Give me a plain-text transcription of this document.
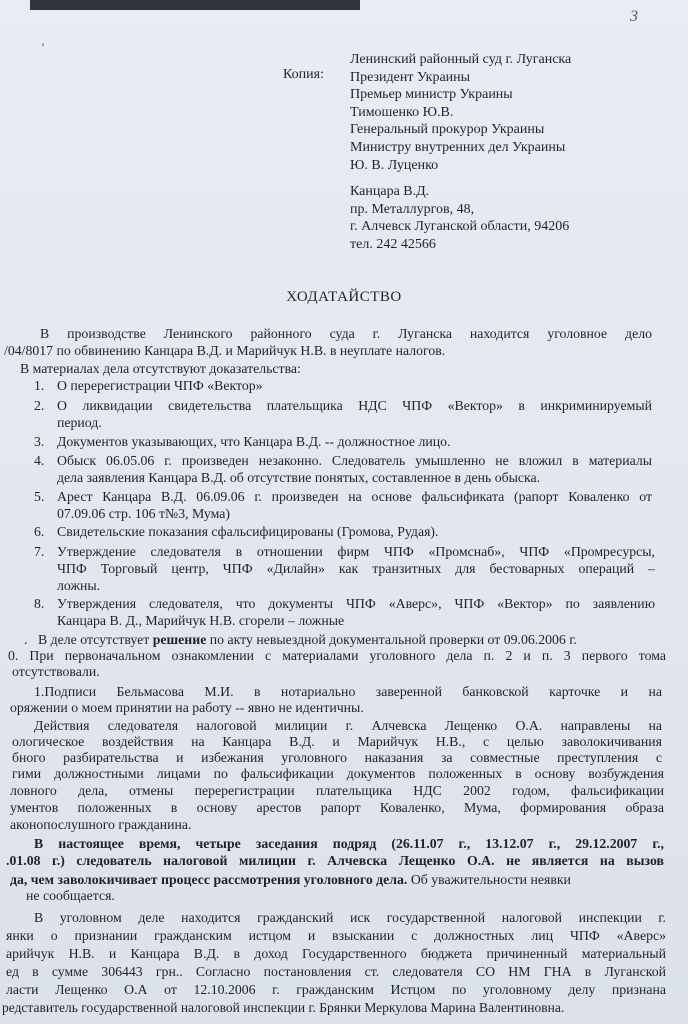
3
'
Копия:
Ленинский районный суд г. Луганска
Президент Украины
Премьер министр Украины
Тимошенко Ю.В.
Генеральный прокурор Украины
Министру внутренних дел Украины
Ю. В. Луценко
Канцара В.Д.
пр. Металлургов, 48,
г. Алчевск Луганской области, 94206
тел. 242 42566
ХОДАТАЙСТВО
В производстве Ленинского районного суда г. Луганска находится уголовное дело
/04/8017 по обвинению Канцара В.Д. и Марийчук Н.В. в неуплате налогов.
В материалах дела отсутствуют доказательства:
1. О перерегистрации ЧПФ «Вектор»
2. О ликвидации свидетельства плательщика НДС ЧПФ «Вектор» в инкриминируемый
период.
3. Документов указывающих, что Канцара В.Д. -- должностное лицо.
4. Обыск 06.05.06 г. произведен незаконно. Следователь умышленно не вложил в материалы
дела заявления Канцара В.Д. об отсутствие понятых, составленное в день обыска.
5. Арест Канцара В.Д. 06.09.06 г. произведен на основе фальсификата (рапорт Коваленко от
07.09.06 стр. 106 т№3, Мума)
6. Свидетельские показания сфальсифицированы (Громова, Рудая).
7. Утверждение следователя в отношении фирм ЧПФ «Промснаб», ЧПФ «Промресурсы,
ЧПФ Торговый центр, ЧПФ «Дилайн» как транзитных для бестоварных операций –
ложны.
8. Утверждения следователя, что документы ЧПФ «Аверс», ЧПФ «Вектор» по заявлению
Канцара В. Д., Марийчук Н.В. сгорели – ложные
. В деле отсутствует решение по акту невыездной документальной проверки от 09.06.2006 г.
0. При первоначальном ознакомлении с материалами уголовного дела п. 2 и п. 3 первого тома
отсутствовали.
1.Подписи Бельмасова М.И. в нотариально заверенной банковской карточке и на
оряжении о моем принятии на работу -- явно не идентичны.
Действия следователя налоговой милиции г. Алчевска Лещенко О.А. направлены на
ологическое воздействия на Канцара В.Д. и Марийчук Н.В., с целью заволокичивания
бного разбирательства и избежания уголовного наказания за совместные преступления с
гими должностными лицами по фальсификации документов положенных в основу возбуждения
ловного дела, отмены перерегистрации плательщика НДС 2002 годом, фальсификации
ументов положенных в основу арестов рапорт Коваленко, Мума, формирования образа
аконопослушного гражданина.
В настоящее время, четыре заседания подряд (26.11.07 г., 13.12.07 г., 29.12.2007 г.,
.01.08 г.) следователь налоговой милиции г. Алчевска Лещенко О.А. не является на вызов
да, чем заволокичивает процесс рассмотрения уголовного дела. Об уважительности неявки
не сообщается.
В уголовном деле находится гражданский иск государственной налоговой инспекции г.
янки о признании гражданским истцом и взыскании с должностных лиц ЧПФ «Аверс»
арийчук Н.В. и Канцара В.Д. в доход Государственного бюджета причиненный материальный
ед в сумме 306443 грн.. Согласно постановления ст. следователя СО НМ ГНА в Луганской
ласти Лещенко О.А от 12.10.2006 г. гражданским Истцом по уголовному делу признана
редставитель государственной налоговой инспекции г. Брянки Меркулова Марина Валентиновна.
